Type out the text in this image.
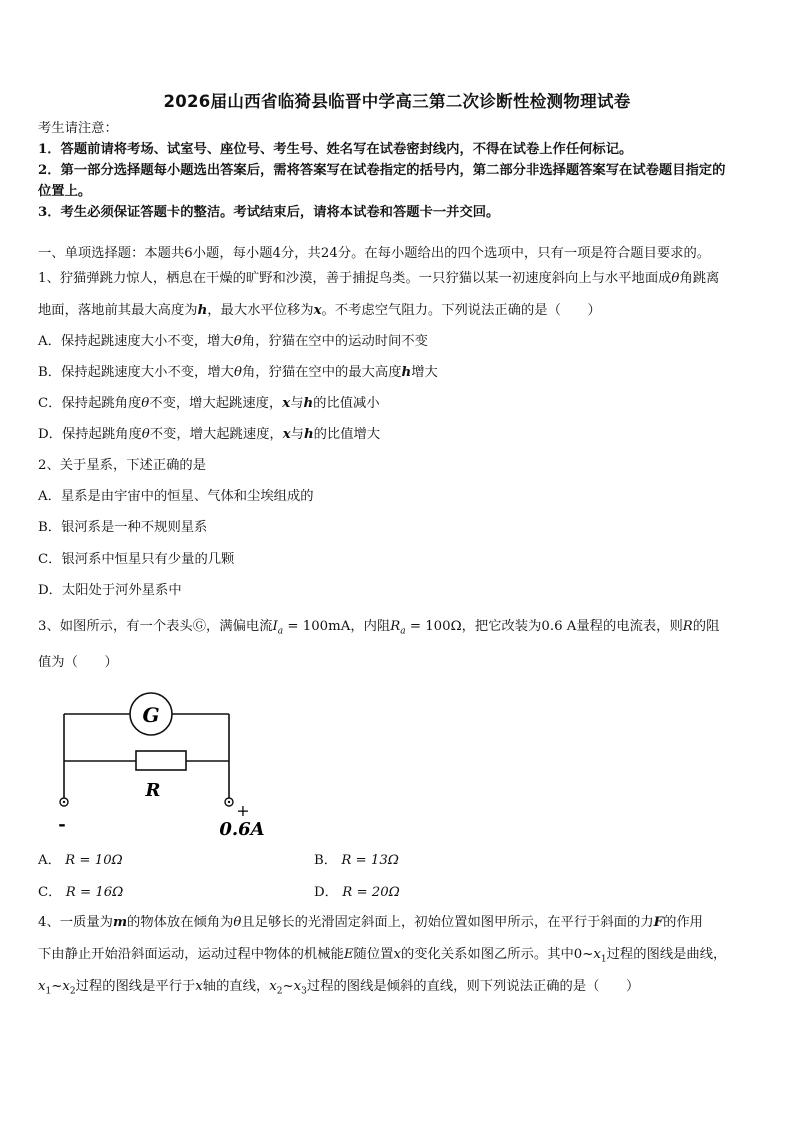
2026届山西省临猗县临晋中学高三第二次诊断性检测物理试卷
考生请注意：
1．答题前请将考场、试室号、座位号、考生号、姓名写在试卷密封线内，不得在试卷上作任何标记。
2．第一部分选择题每小题选出答案后，需将答案写在试卷指定的括号内，第二部分非选择题答案写在试卷题目指定的
位置上。
3．考生必须保证答题卡的整洁。考试结束后，请将本试卷和答题卡一并交回。
一、单项选择题：本题共6小题，每小题4分，共24分。在每小题给出的四个选项中，只有一项是符合题目要求的。
1、狞猫弹跳力惊人，栖息在干燥的旷野和沙漠，善于捕捉鸟类。一只狞猫以某一初速度斜向上与水平地面成θ角跳离
地面，落地前其最大高度为h，最大水平位移为x。不考虑空气阻力。下列说法正确的是（　　）
A．保持起跳速度大小不变，增大θ角，狞猫在空中的运动时间不变
B．保持起跳速度大小不变，增大θ角，狞猫在空中的最大高度h增大
C．保持起跳角度θ不变，增大起跳速度，x与h的比值减小
D．保持起跳角度θ不变，增大起跳速度，x与h的比值增大
2、关于星系，下述正确的是
A．星系是由宇宙中的恒星、气体和尘埃组成的
B．银河系是一种不规则星系
C．银河系中恒星只有少量的几颗
D．太阳处于河外星系中
3、如图所示，有一个表头Ⓖ，满偏电流$I_a = 100mA$，内阻$R_a = 100\Omega$，把它改装为0.6 A量程的电流表，则R的阻
值为（　　）
G
R
-
+
0.6A
A． R = 10Ω	B． R = 13Ω
C． R = 16Ω	D． R = 20Ω
4、一质量为m的物体放在倾角为θ且足够长的光滑固定斜面上，初始位置如图甲所示，在平行于斜面的力F的作用
下由静止开始沿斜面运动，运动过程中物体的机械能E随位置x的变化关系如图乙所示。其中$0\sim x_1$过程的图线是曲线，
$x_1\sim x_2$过程的图线是平行于x轴的直线，$x_2\sim x_3$过程的图线是倾斜的直线，则下列说法正确的是（　　）
